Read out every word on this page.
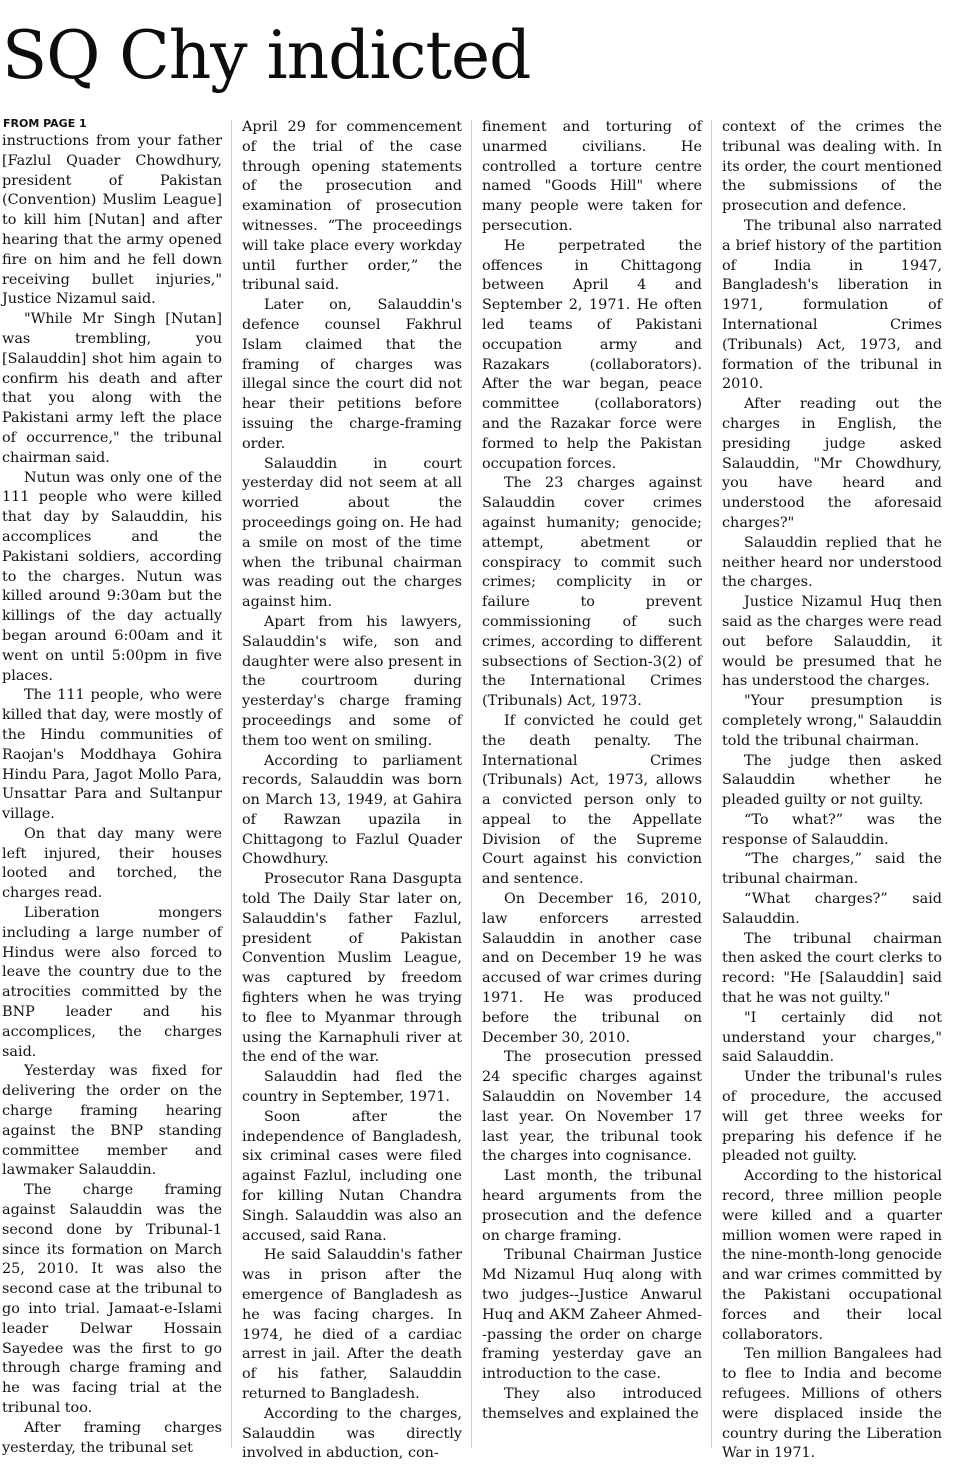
SQ Chy indicted
FROM PAGE 1

instructions from your father [Fazlul Quader Chowdhury, president of Pakistan (Convention) Muslim League] to kill him [Nutan] and after hearing that the army opened fire on him and he fell down receiving bullet injuries," Justice Nizamul said.

"While Mr Singh [Nutan] was trembling, you [Salauddin] shot him again to confirm his death and after that you along with the Pakistani army left the place of occurrence," the tribunal chairman said.

Nutun was only one of the 111 people who were killed that day by Salauddin, his accomplices and the Pakistani soldiers, according to the charges. Nutun was killed around 9:30am but the killings of the day actually began around 6:00am and it went on until 5:00pm in five places.

The 111 people, who were killed that day, were mostly of the Hindu communities of Raojan's Moddhaya Gohira Hindu Para, Jagot Mollo Para, Unsattar Para and Sultanpur village.

On that day many were left injured, their houses looted and torched, the charges read.

Liberation mongers including a large number of Hindus were also forced to leave the country due to the atrocities committed by the BNP leader and his accomplices, the charges said.

Yesterday was fixed for delivering the order on the charge framing hearing against the BNP standing committee member and lawmaker Salauddin.

The charge framing against Salauddin was the second done by Tribunal-1 since its formation on March 25, 2010. It was also the second case at the tribunal to go into trial. Jamaat-e-Islami leader Delwar Hossain Sayedee was the first to go through charge framing and he was facing trial at the tribunal too.

After framing charges yesterday, the tribunal set

April 29 for commencement of the trial of the case through opening statements of the prosecution and examination of prosecution witnesses. “The proceedings will take place every workday until further order,” the tribunal said.

Later on, Salauddin's defence counsel Fakhrul Islam claimed that the framing of charges was illegal since the court did not hear their petitions before issuing the charge-framing order.

Salauddin in court yesterday did not seem at all worried about the proceedings going on. He had a smile on most of the time when the tribunal chairman was reading out the charges against him.

Apart from his lawyers, Salauddin's wife, son and daughter were also present in the courtroom during yesterday's charge framing proceedings and some of them too went on smiling.

According to parliament records, Salauddin was born on March 13, 1949, at Gahira of Rawzan upazila in Chittagong to Fazlul Quader Chowdhury.

Prosecutor Rana Dasgupta told The Daily Star later on, Salauddin's father Fazlul, president of Pakistan Convention Muslim League, was captured by freedom fighters when he was trying to flee to Myanmar through using the Karnaphuli river at the end of the war.

Salauddin had fled the country in September, 1971.

Soon after the independence of Bangladesh, six criminal cases were filed against Fazlul, including one for killing Nutan Chandra Singh. Salauddin was also an accused, said Rana.

He said Salauddin's father was in prison after the emergence of Bangladesh as he was facing charges. In 1974, he died of a cardiac arrest in jail. After the death of his father, Salauddin returned to Bangladesh.

According to the charges, Salauddin was directly involved in abduction, con-

finement and torturing of unarmed civilians. He controlled a torture centre named "Goods Hill" where many people were taken for persecution.

He perpetrated the offences in Chittagong between April 4 and September 2, 1971. He often led teams of Pakistani occupation army and Razakars (collaborators). After the war began, peace committee (collaborators) and the Razakar force were formed to help the Pakistan occupation forces.

The 23 charges against Salauddin cover crimes against humanity; genocide; attempt, abetment or conspiracy to commit such crimes; complicity in or failure to prevent commissioning of such crimes, according to different subsections of Section-3(2) of the International Crimes (Tribunals) Act, 1973.

If convicted he could get the death penalty. The International Crimes (Tribunals) Act, 1973, allows a convicted person only to appeal to the Appellate Division of the Supreme Court against his conviction and sentence.

On December 16, 2010, law enforcers arrested Salauddin in another case and on December 19 he was accused of war crimes during 1971. He was produced before the tribunal on December 30, 2010.

The prosecution pressed 24 specific charges against Salauddin on November 14 last year. On November 17 last year, the tribunal took the charges into cognisance.

Last month, the tribunal heard arguments from the prosecution and the defence on charge framing.

Tribunal Chairman Justice Md Nizamul Huq along with two judges--Justice Anwarul Huq and AKM Zaheer Ahmed--passing the order on charge framing yesterday gave an introduction to the case.

They also introduced themselves and explained the

context of the crimes the tribunal was dealing with. In its order, the court mentioned the submissions of the prosecution and defence.

The tribunal also narrated a brief history of the partition of India in 1947, Bangladesh's liberation in 1971, formulation of International Crimes (Tribunals) Act, 1973, and formation of the tribunal in 2010.

After reading out the charges in English, the presiding judge asked Salauddin, "Mr Chowdhury, you have heard and understood the aforesaid charges?"

Salauddin replied that he neither heard nor understood the charges.

Justice Nizamul Huq then said as the charges were read out before Salauddin, it would be presumed that he has understood the charges.

"Your presumption is completely wrong," Salauddin told the tribunal chairman.

The judge then asked Salauddin whether he pleaded guilty or not guilty.

“To what?” was the response of Salauddin.

“The charges,” said the tribunal chairman.

“What charges?” said Salauddin.

The tribunal chairman then asked the court clerks to record: "He [Salauddin] said that he was not guilty."

"I certainly did not understand your charges," said Salauddin.

Under the tribunal's rules of procedure, the accused will get three weeks for preparing his defence if he pleaded not guilty.

According to the historical record, three million people were killed and a quarter million women were raped in the nine-month-long genocide and war crimes committed by the Pakistani occupational forces and their local collaborators.

Ten million Bangalees had to flee to India and become refugees. Millions of others were displaced inside the country during the Liberation War in 1971.
